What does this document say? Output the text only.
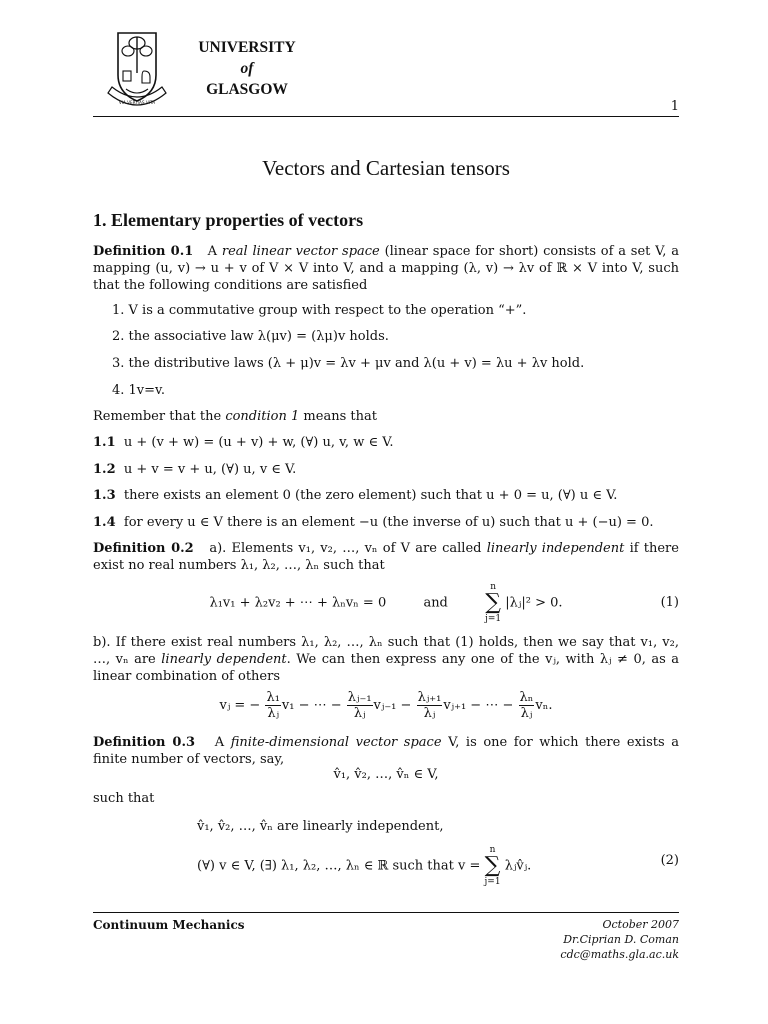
VIA VERITAS VITA
UNIVERSITY
of
GLASGOW
1
Vectors and Cartesian tensors
1. Elementary properties of vectors
Definition 0.1 A real linear vector space (linear space for short) consists of a set V, a mapping (u, v) → u + v of V × V into V, and a mapping (λ, v) → λv of ℝ × V into V, such that the following conditions are satisfied
1. V is a commutative group with respect to the operation “+”.
2. the associative law λ(μv) = (λμ)v holds.
3. the distributive laws (λ + μ)v = λv + μv and λ(u + v) = λu + λv hold.
4. 1v=v.
Remember that the condition 1 means that
1.1 u + (v + w) = (u + v) + w, (∀) u, v, w ∈ V.
1.2 u + v = v + u, (∀) u, v ∈ V.
1.3 there exists an element 0 (the zero element) such that u + 0 = u, (∀) u ∈ V.
1.4 for every u ∈ V there is an element −u (the inverse of u) such that u + (−u) = 0.
Definition 0.2 a). Elements v₁, v₂, …, vₙ of V are called linearly independent if there exist no real numbers λ₁, λ₂, …, λₙ such that
λ₁v₁ + λ₂v₂ + ⋯ + λₙvₙ = 0	and
n
∑
j=1
|λⱼ|² > 0.	(1)
b). If there exist real numbers λ₁, λ₂, …, λₙ such that (1) holds, then we say that v₁, v₂, …, vₙ are linearly dependent. We can then express any one of the vⱼ, with λⱼ ≠ 0, as a linear combination of others
vⱼ = − $\frac{\text{λ₁}}{\text{λⱼ}} v_1$ − ⋯ − $\frac{\text{λⱼ₋₁}}{\text{λⱼ}}$ vⱼ₋₁ − $\frac{\text{λⱼ₊₁}}{\text{λⱼ}}$ vⱼ₊₁ − ⋯ − $\frac{\text{λₙ}}{\text{λⱼ}} v_n$.
Definition 0.3 A finite-dimensional vector space V, is one for which there exists a finite number of vectors, say,
v̂₁, v̂₂, …, v̂ₙ ∈ V,
such that
v̂₁, v̂₂, …, v̂ₙ are linearly independent,
(∀) v ∈ V, (∃) λ₁, λ₂, …, λₙ ∈ ℝ such that v =
n
∑
j=1
λⱼv̂ⱼ.	(2)
Continuum Mechanics	October 2007
Dr.Ciprian D. Coman
cdc@maths.gla.ac.uk
